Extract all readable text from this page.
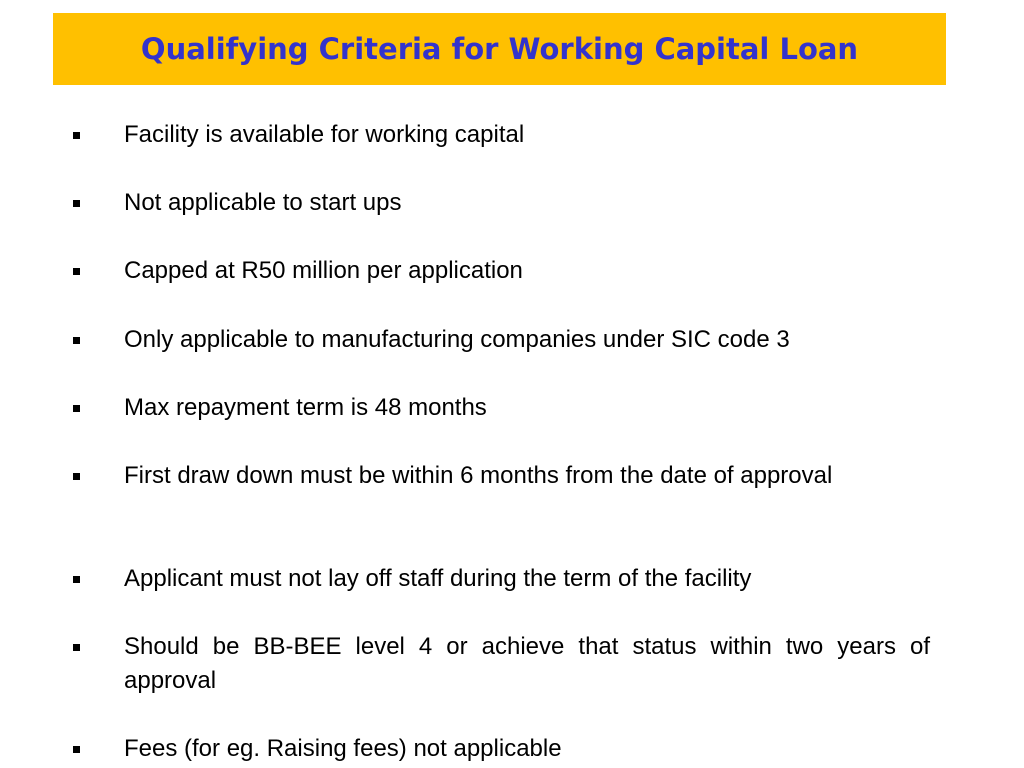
Qualifying Criteria for Working Capital Loan
Facility is available for working capital
Not applicable to start ups
Capped at R50 million per application
Only applicable to manufacturing companies under SIC code 3
Max repayment term is 48 months
First draw down must be within 6 months from the date of approval
Applicant must not lay off staff during the term of the facility
Should be BB-BEE level 4 or achieve that status within two years of approval
Fees (for eg. Raising fees) not applicable
